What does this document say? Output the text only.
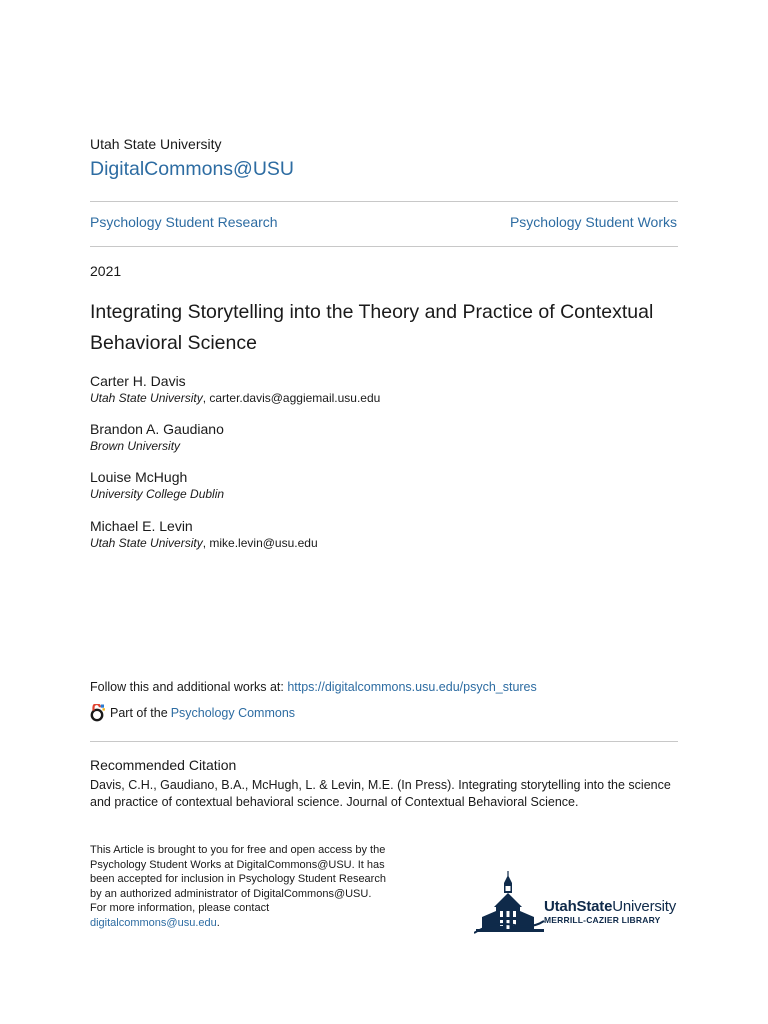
Utah State University
DigitalCommons@USU
Psychology Student Research	Psychology Student Works
2021
Integrating Storytelling into the Theory and Practice of Contextual Behavioral Science
Carter H. Davis
Utah State University, carter.davis@aggiemail.usu.edu
Brandon A. Gaudiano
Brown University
Louise McHugh
University College Dublin
Michael E. Levin
Utah State University, mike.levin@usu.edu
Follow this and additional works at: https://digitalcommons.usu.edu/psych_stures
Part of the Psychology Commons
Recommended Citation
Davis, C.H., Gaudiano, B.A., McHugh, L. & Levin, M.E. (In Press). Integrating storytelling into the science and practice of contextual behavioral science. Journal of Contextual Behavioral Science.
This Article is brought to you for free and open access by the Psychology Student Works at DigitalCommons@USU. It has been accepted for inclusion in Psychology Student Research by an authorized administrator of DigitalCommons@USU. For more information, please contact digitalcommons@usu.edu.
UtahStateUniversity
MERRILL-CAZIER LIBRARY
